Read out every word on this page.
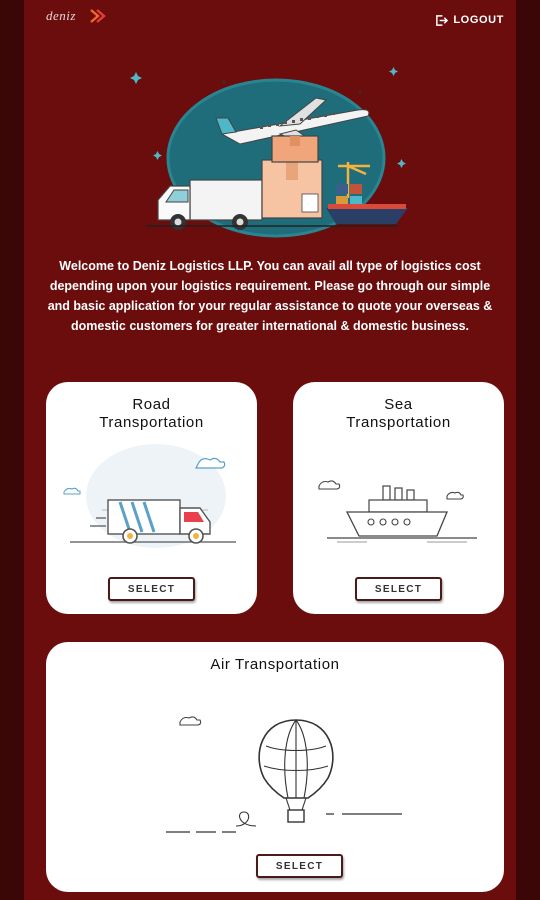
deniz	LOGOUT

Welcome to Deniz Logistics LLP. You can avail all type of logistics cost depending upon your logistics requirement. Please go through our simple and basic application for your regular assistance to quote your overseas & domestic customers for greater international & domestic business.

Road
Transportation
SELECT
Sea
Transportation
SELECT
Air Transportation
SELECT
